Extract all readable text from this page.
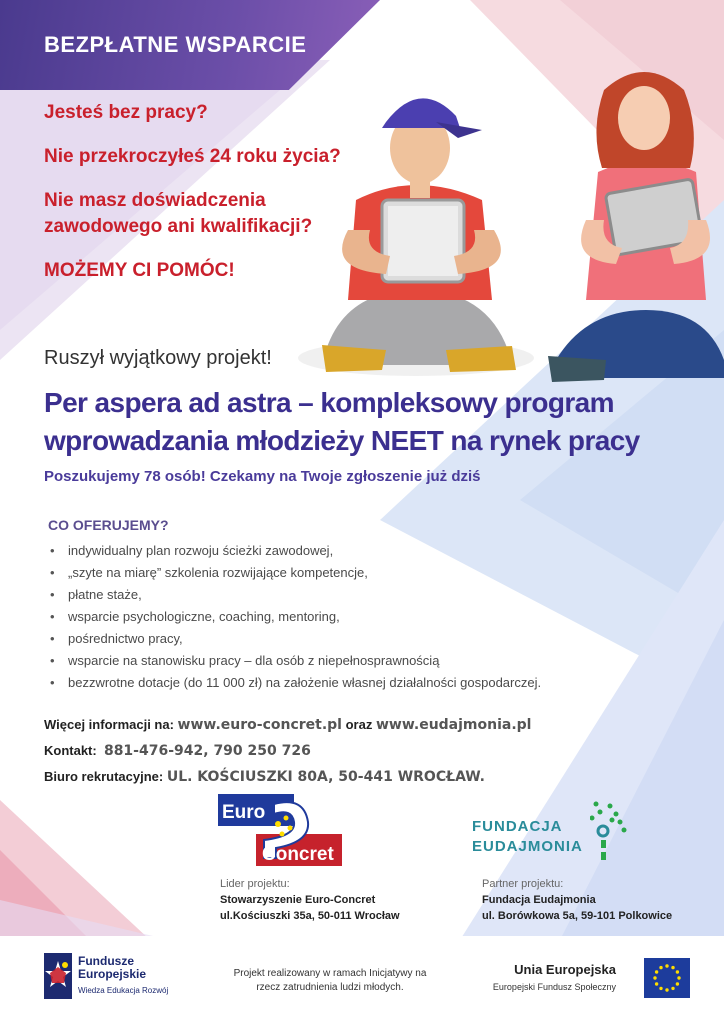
BEZPŁATNE WSPARCIE
Jesteś bez pracy?
Nie przekroczyłeś 24 roku życia?
Nie masz doświadczenia zawodowego ani kwalifikacji?
MOŻEMY CI POMÓC!
Ruszył wyjątkowy projekt!
Per aspera ad astra – kompleksowy program wprowadzania młodzieży NEET na rynek pracy
Poszukujemy 78 osób! Czekamy na Twoje zgłoszenie już dziś
CO OFERUJEMY?
• indywidualny plan rozwoju ścieżki zawodowej,
• „szyte na miarę” szkolenia rozwijające kompetencje,
• płatne staże,
• wsparcie psychologiczne, coaching, mentoring,
• pośrednictwo pracy,
• wsparcie na stanowisku pracy – dla osób z niepełnosprawnością
• bezzwrotne dotacje (do 11 000 zł) na założenie własnej działalności gospodarczej.
Więcej informacji na: www.euro-concret.pl oraz www.eudajmonia.pl
Kontakt: 881-476-942, 790 250 726
Biuro rekrutacyjne: UL. KOŚCIUSZKI 80A, 50-441 WROCŁAW.
Euro
Concret
FUNDACJA
EUDAJMONIA
Lider projektu:
Stowarzyszenie Euro-Concret
ul.Kościuszki 35a, 50-011 Wrocław
Partner projektu:
Fundacja Eudajmonia
ul. Borówkowa 5a, 59-101 Polkowice
Fundusze
Europejskie
Wiedza Edukacja Rozwój
Projekt realizowany w ramach Inicjatywy na rzecz zatrudnienia ludzi młodych.
Unia Europejska
Europejski Fundusz Społeczny
